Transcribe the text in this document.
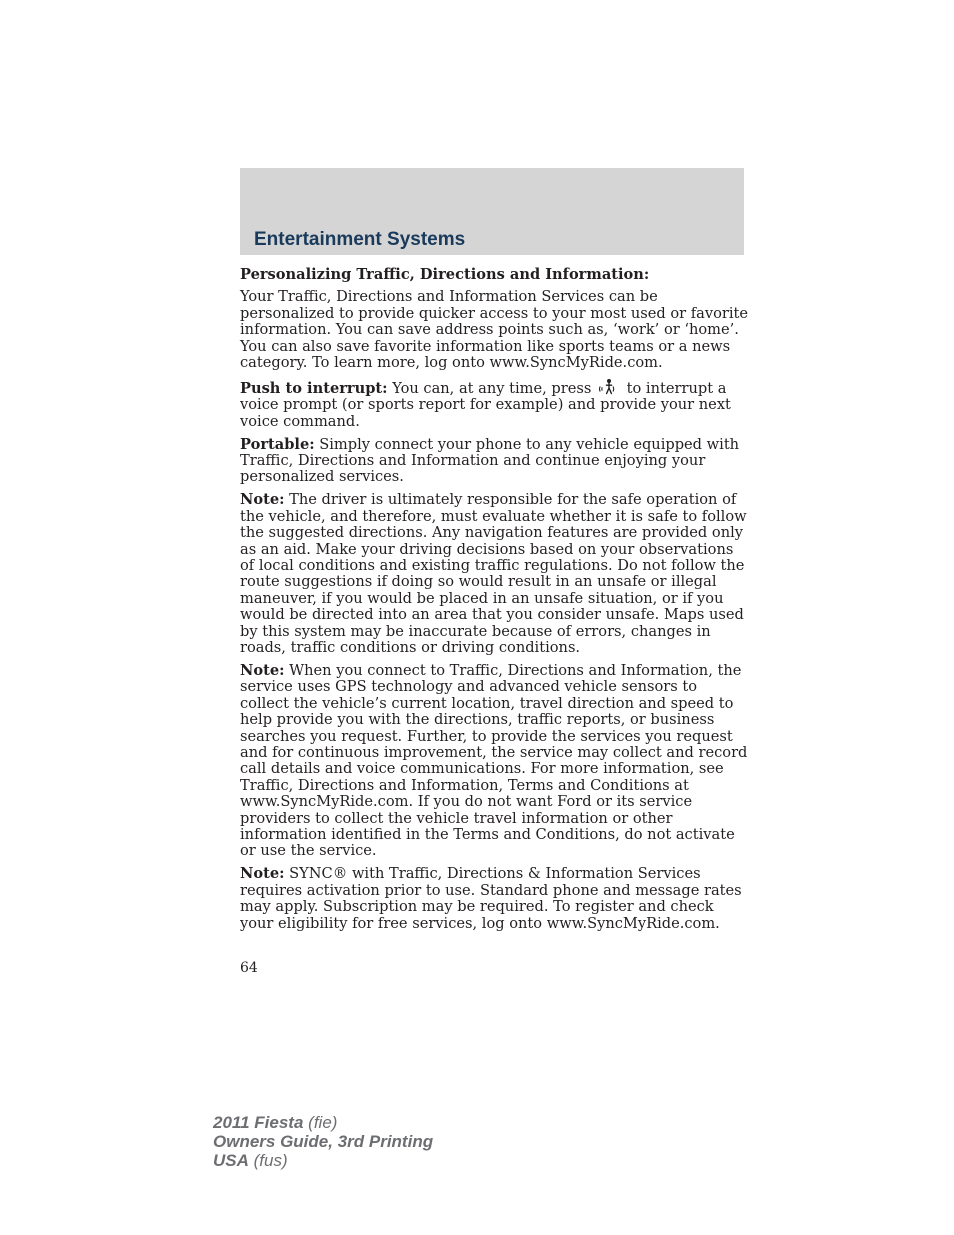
Entertainment Systems

Personalizing Traffic, Directions and Information:

Your Traffic, Directions and Information Services can be personalized to provide quicker access to your most used or favorite information. You can save address points such as, ‘work’ or ‘home’. You can also save favorite information like sports teams or a news category. To learn more, log onto www.SyncMyRide.com.

Push to interrupt: You can, at any time, press to interrupt a voice prompt (or sports report for example) and provide your next voice command.

Portable: Simply connect your phone to any vehicle equipped with Traffic, Directions and Information and continue enjoying your personalized services.

Note: The driver is ultimately responsible for the safe operation of the vehicle, and therefore, must evaluate whether it is safe to follow the suggested directions. Any navigation features are provided only as an aid. Make your driving decisions based on your observations of local conditions and existing traffic regulations. Do not follow the route suggestions if doing so would result in an unsafe or illegal maneuver, if you would be placed in an unsafe situation, or if you would be directed into an area that you consider unsafe. Maps used by this system may be inaccurate because of errors, changes in roads, traffic conditions or driving conditions.

Note: When you connect to Traffic, Directions and Information, the service uses GPS technology and advanced vehicle sensors to collect the vehicle’s current location, travel direction and speed to help provide you with the directions, traffic reports, or business searches you request. Further, to provide the services you request and for continuous improvement, the service may collect and record call details and voice communications. For more information, see Traffic, Directions and Information, Terms and Conditions at www.SyncMyRide.com. If you do not want Ford or its service providers to collect the vehicle travel information or other information identified in the Terms and Conditions, do not activate or use the service.

Note: SYNC® with Traffic, Directions & Information Services requires activation prior to use. Standard phone and message rates may apply. Subscription may be required. To register and check your eligibility for free services, log onto www.SyncMyRide.com.

64
2011 Fiesta (fie)
Owners Guide, 3rd Printing
USA (fus)
